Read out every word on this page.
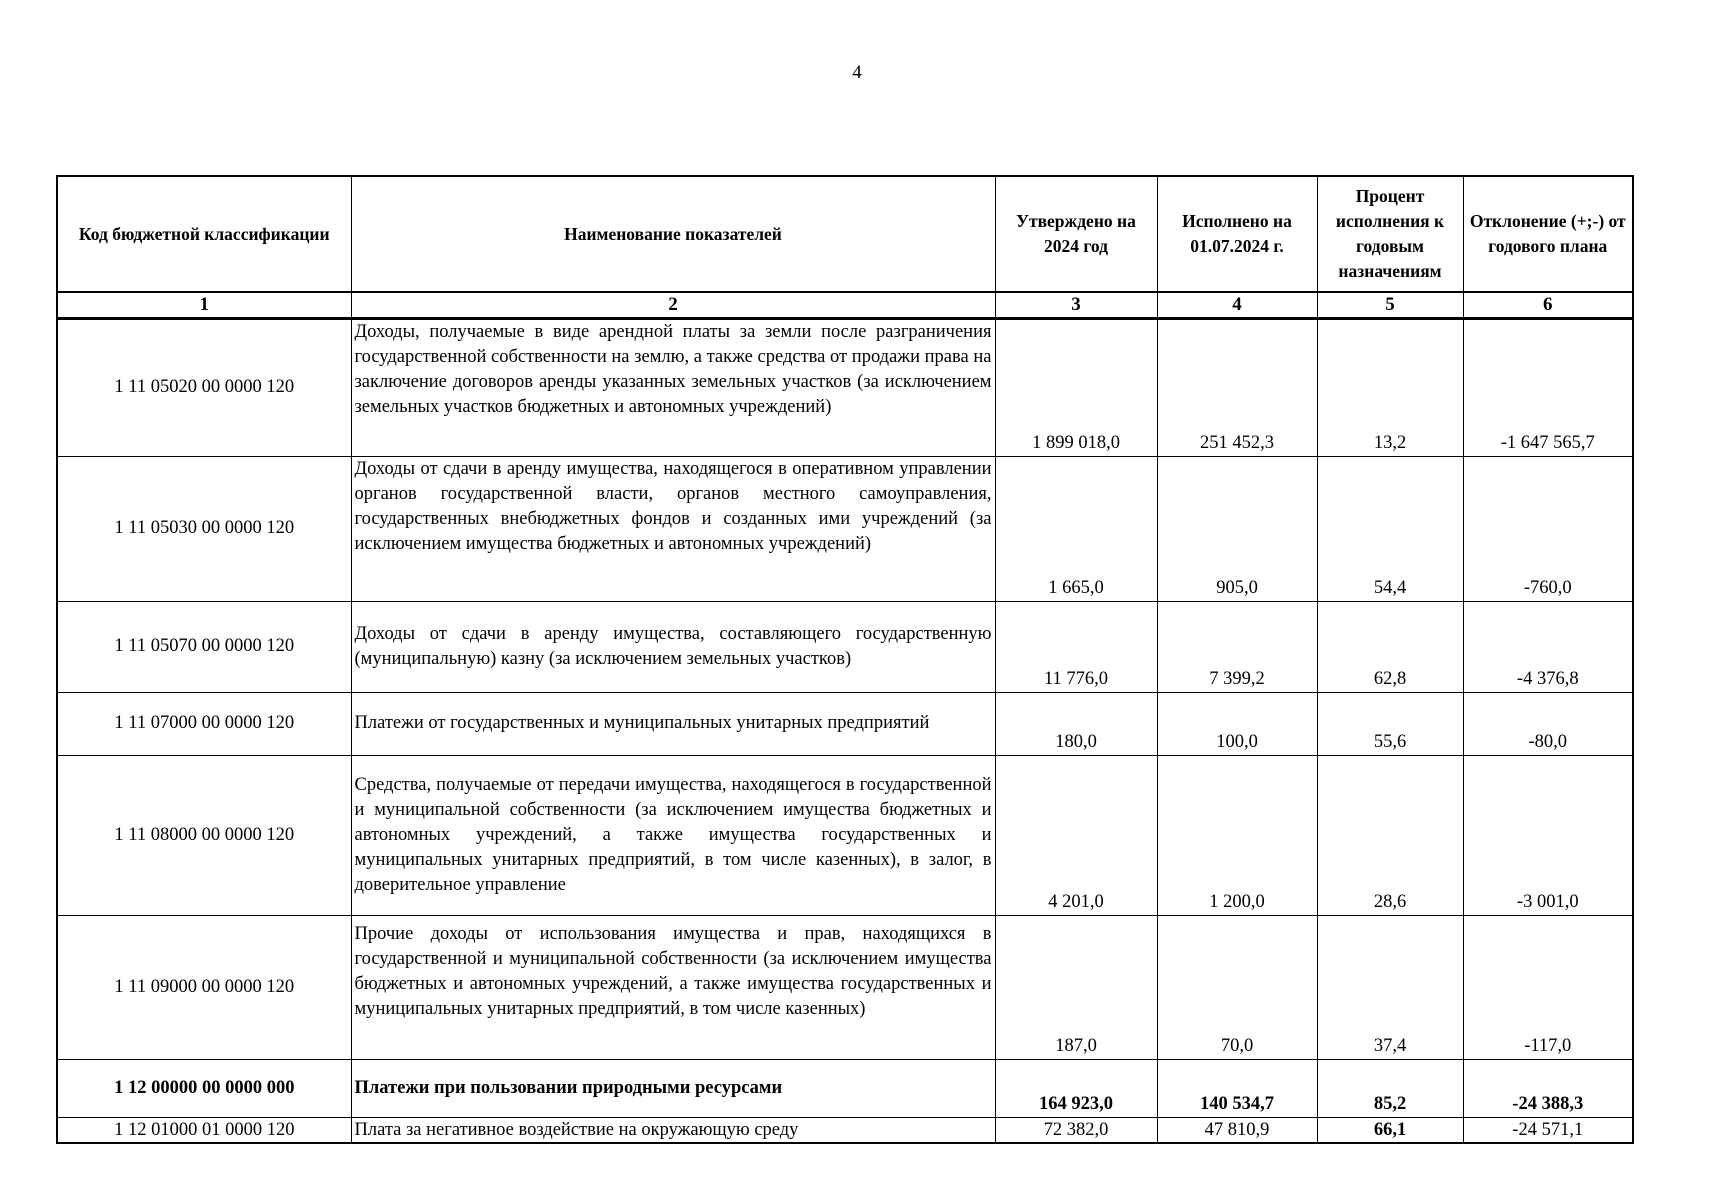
4
Код бюджетной классификации	Наименование показателей	Утверждено на 2024 год	Исполнено на 01.07.2024 г.	Процент исполнения к годовым назначениям	Отклонение (+;-) от годового плана
1	2	3	4	5	6
1 11 05020 00 0000 120	Доходы, получаемые в виде арендной платы за земли после разграничения государственной собственности на землю, а также средства от продажи права на заключение договоров аренды указанных земельных участков (за исключением земельных участков бюджетных и автономных учреждений)	1 899 018,0	251 452,3	13,2	-1 647 565,7
1 11 05030 00 0000 120	Доходы от сдачи в аренду имущества, находящегося в оперативном управлении органов государственной власти, органов местного самоуправления, государственных внебюджетных фондов и созданных ими учреждений (за исключением имущества бюджетных и автономных учреждений)	1 665,0	905,0	54,4	-760,0
1 11 05070 00 0000 120	Доходы от сдачи в аренду имущества, составляющего государственную (муниципальную) казну (за исключением земельных участков)	11 776,0	7 399,2	62,8	-4 376,8
1 11 07000 00 0000 120	Платежи от государственных и муниципальных унитарных предприятий	180,0	100,0	55,6	-80,0
1 11 08000 00 0000 120	Средства, получаемые от передачи имущества, находящегося в государственной и муниципальной собственности (за исключением имущества бюджетных и автономных учреждений, а также имущества государственных и муниципальных унитарных предприятий, в том числе казенных), в залог, в доверительное управление	4 201,0	1 200,0	28,6	-3 001,0
1 11 09000 00 0000 120	Прочие доходы от использования имущества и прав, находящихся в государственной и муниципальной собственности (за исключением имущества бюджетных и автономных учреждений, а также имущества государственных и муниципальных унитарных предприятий, в том числе казенных)	187,0	70,0	37,4	-117,0
1 12 00000 00 0000 000	Платежи при пользовании природными ресурсами	164 923,0	140 534,7	85,2	-24 388,3
1 12 01000 01 0000 120	Плата за негативное воздействие на окружающую среду	72 382,0	47 810,9	66,1	-24 571,1
